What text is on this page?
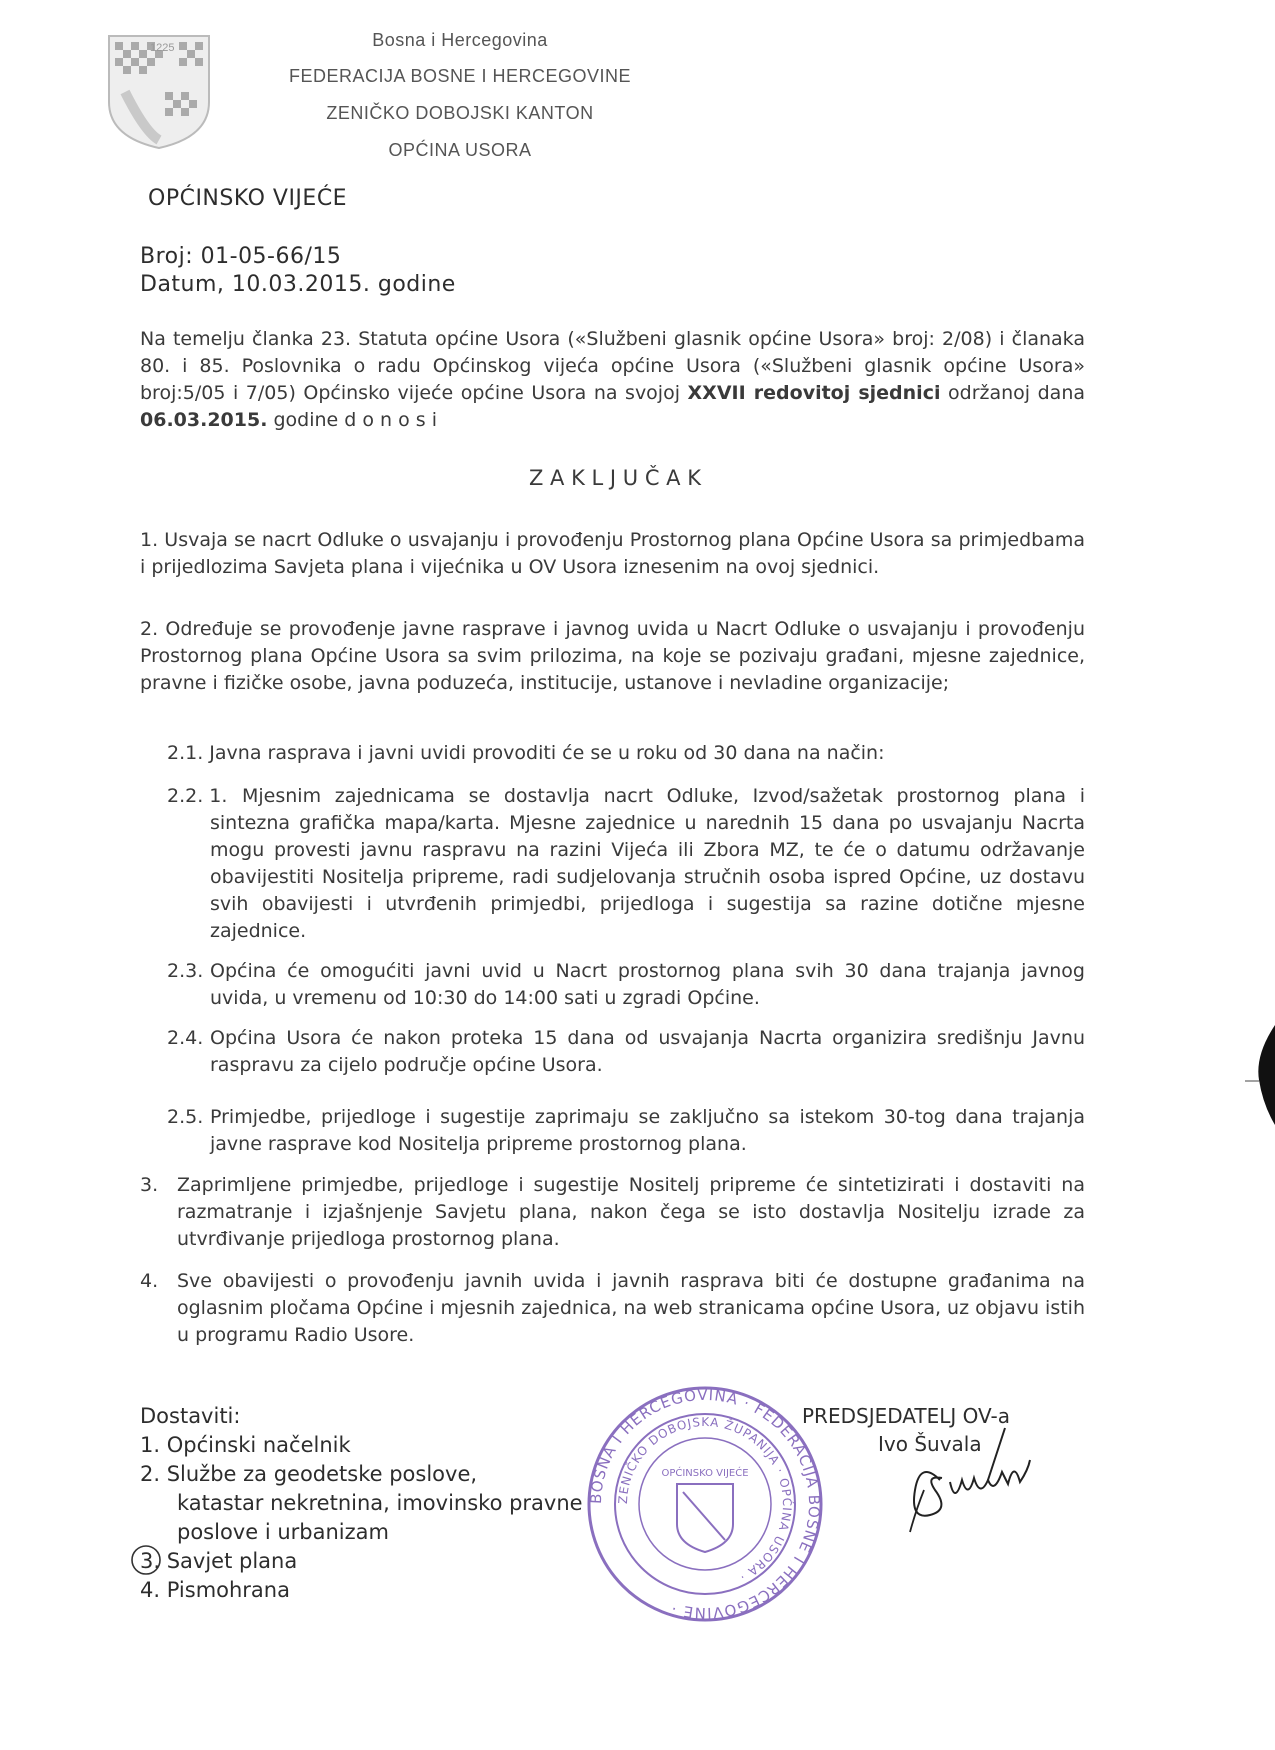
1225	Bosna i Hercegovina
FEDERACIJA BOSNE I HERCEGOVINE
ZENIČKO DOBOJSKI KANTON
OPĆINA USORA
OPĆINSKO VIJEĆE
Broj: 01-05-66/15
Datum, 10.03.2015. godine
Na temelju članka 23. Statuta općine Usora («Službeni glasnik općine Usora» broj: 2/08) i članaka 80. i 85. Poslovnika o radu Općinskog vijeća općine Usora («Službeni glasnik općine Usora» broj:5/05 i 7/05) Općinsko vijeće općine Usora na svojoj XXVII redovitoj sjednici održanoj dana 06.03.2015. godine d o n o s i
Z A K L J U Č A K
1. Usvaja se nacrt Odluke o usvajanju i provođenju Prostornog plana Općine Usora sa primjedbama i prijedlozima Savjeta plana i vijećnika u OV Usora iznesenim na ovoj sjednici.
2. Određuje se provođenje javne rasprave i javnog uvida u Nacrt Odluke o usvajanju i provođenju Prostornog plana Općine Usora sa svim prilozima, na koje se pozivaju građani, mjesne zajednice, pravne i fizičke osobe, javna poduzeća, institucije, ustanove i nevladine organizacije;
2.1. Javna rasprava i javni uvidi provoditi će se u roku od 30 dana na način:
2.2. 1. Mjesnim zajednicama se dostavlja nacrt Odluke, Izvod/sažetak prostornog plana i sintezna grafička mapa/karta. Mjesne zajednice u narednih 15 dana po usvajanju Nacrta mogu provesti javnu raspravu na razini Vijeća ili Zbora MZ, te će o datumu održavanje obavijestiti Nositelja pripreme, radi sudjelovanja stručnih osoba ispred Općine, uz dostavu svih obavijesti i utvrđenih primjedbi, prijedloga i sugestija sa razine dotične mjesne zajednice.
2.3. Općina će omogućiti javni uvid u Nacrt prostornog plana svih 30 dana trajanja javnog uvida, u vremenu od 10:30 do 14:00 sati u zgradi Općine.
2.4. Općina Usora će nakon proteka 15 dana od usvajanja Nacrta organizira središnju Javnu raspravu za cijelo područje općine Usora.
2.5. Primjedbe, prijedloge i sugestije zaprimaju se zaključno sa istekom 30-tog dana trajanja javne rasprave kod Nositelja pripreme prostornog plana.
3. Zaprimljene primjedbe, prijedloge i sugestije Nositelj pripreme će sintetizirati i dostaviti na razmatranje i izjašnjenje Savjetu plana, nakon čega se isto dostavlja Nositelju izrade za utvrđivanje prijedloga prostornog plana.
4. Sve obavijesti o provođenju javnih uvida i javnih rasprava biti će dostupne građanima na oglasnim pločama Općine i mjesnih zajednica, na web stranicama općine Usora, uz objavu istih u programu Radio Usore.
Dostaviti:
1. Općinski načelnik
2. Službe za geodetske poslove,
katastar nekretnina, imovinsko pravne
poslove i urbanizam
3. Savjet plana
4. Pismohrana
BOSNA I HERCEGOVINA · FEDERACIJA BOSNE I HERCEGOVINE ·
ZENIČKO DOBOJSKA ŽUPANIJA · OPĆINA USORA ·
OPĆINSKO VIJEĆE
PREDSJEDATELJ OV-a
Ivo Šuvala
